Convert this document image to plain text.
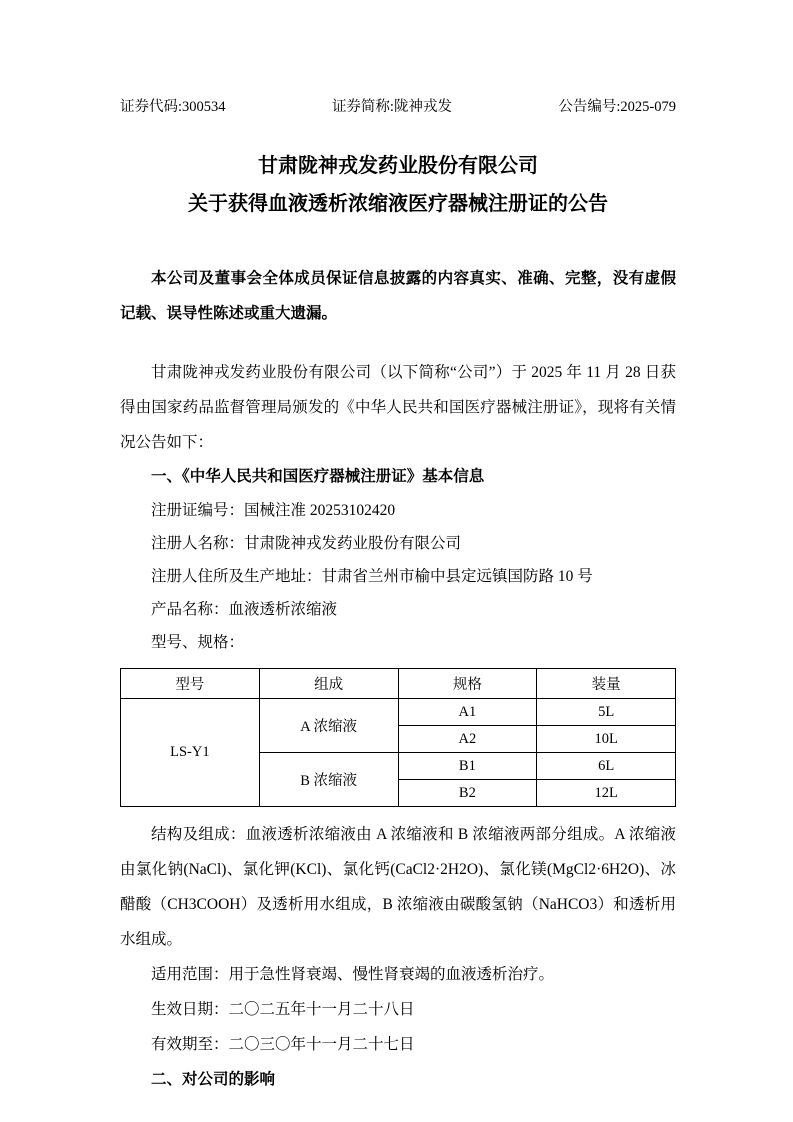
证券代码:300534	证券简称:陇神戎发	公告编号:2025-079
甘肃陇神戎发药业股份有限公司
关于获得血液透析浓缩液医疗器械注册证的公告
本公司及董事会全体成员保证信息披露的内容真实、准确、完整，没有虚假记载、误导性陈述或重大遗漏。
甘肃陇神戎发药业股份有限公司（以下简称“公司”）于 2025 年 11 月 28 日获得由国家药品监督管理局颁发的《中华人民共和国医疗器械注册证》，现将有关情况公告如下：
一、《中华人民共和国医疗器械注册证》基本信息
注册证编号：国械注准 20253102420
注册人名称：甘肃陇神戎发药业股份有限公司
注册人住所及生产地址：甘肃省兰州市榆中县定远镇国防路 10 号
产品名称：血液透析浓缩液
型号、规格：
型号	组成	规格	装量
LS-Y1	A 浓缩液	A1	5L
		A2	10L
	B 浓缩液	B1	6L
		B2	12L
结构及组成：血液透析浓缩液由 A 浓缩液和 B 浓缩液两部分组成。A 浓缩液由氯化钠(NaCl)、氯化钾(KCl)、氯化钙(CaCl2·2H2O)、氯化镁(MgCl2·6H2O)、冰醋酸（CH3COOH）及透析用水组成，B 浓缩液由碳酸氢钠（NaHCO3）和透析用水组成。
适用范围：用于急性肾衰竭、慢性肾衰竭的血液透析治疗。
生效日期：二〇二五年十一月二十八日
有效期至：二〇三〇年十一月二十七日
二、对公司的影响
